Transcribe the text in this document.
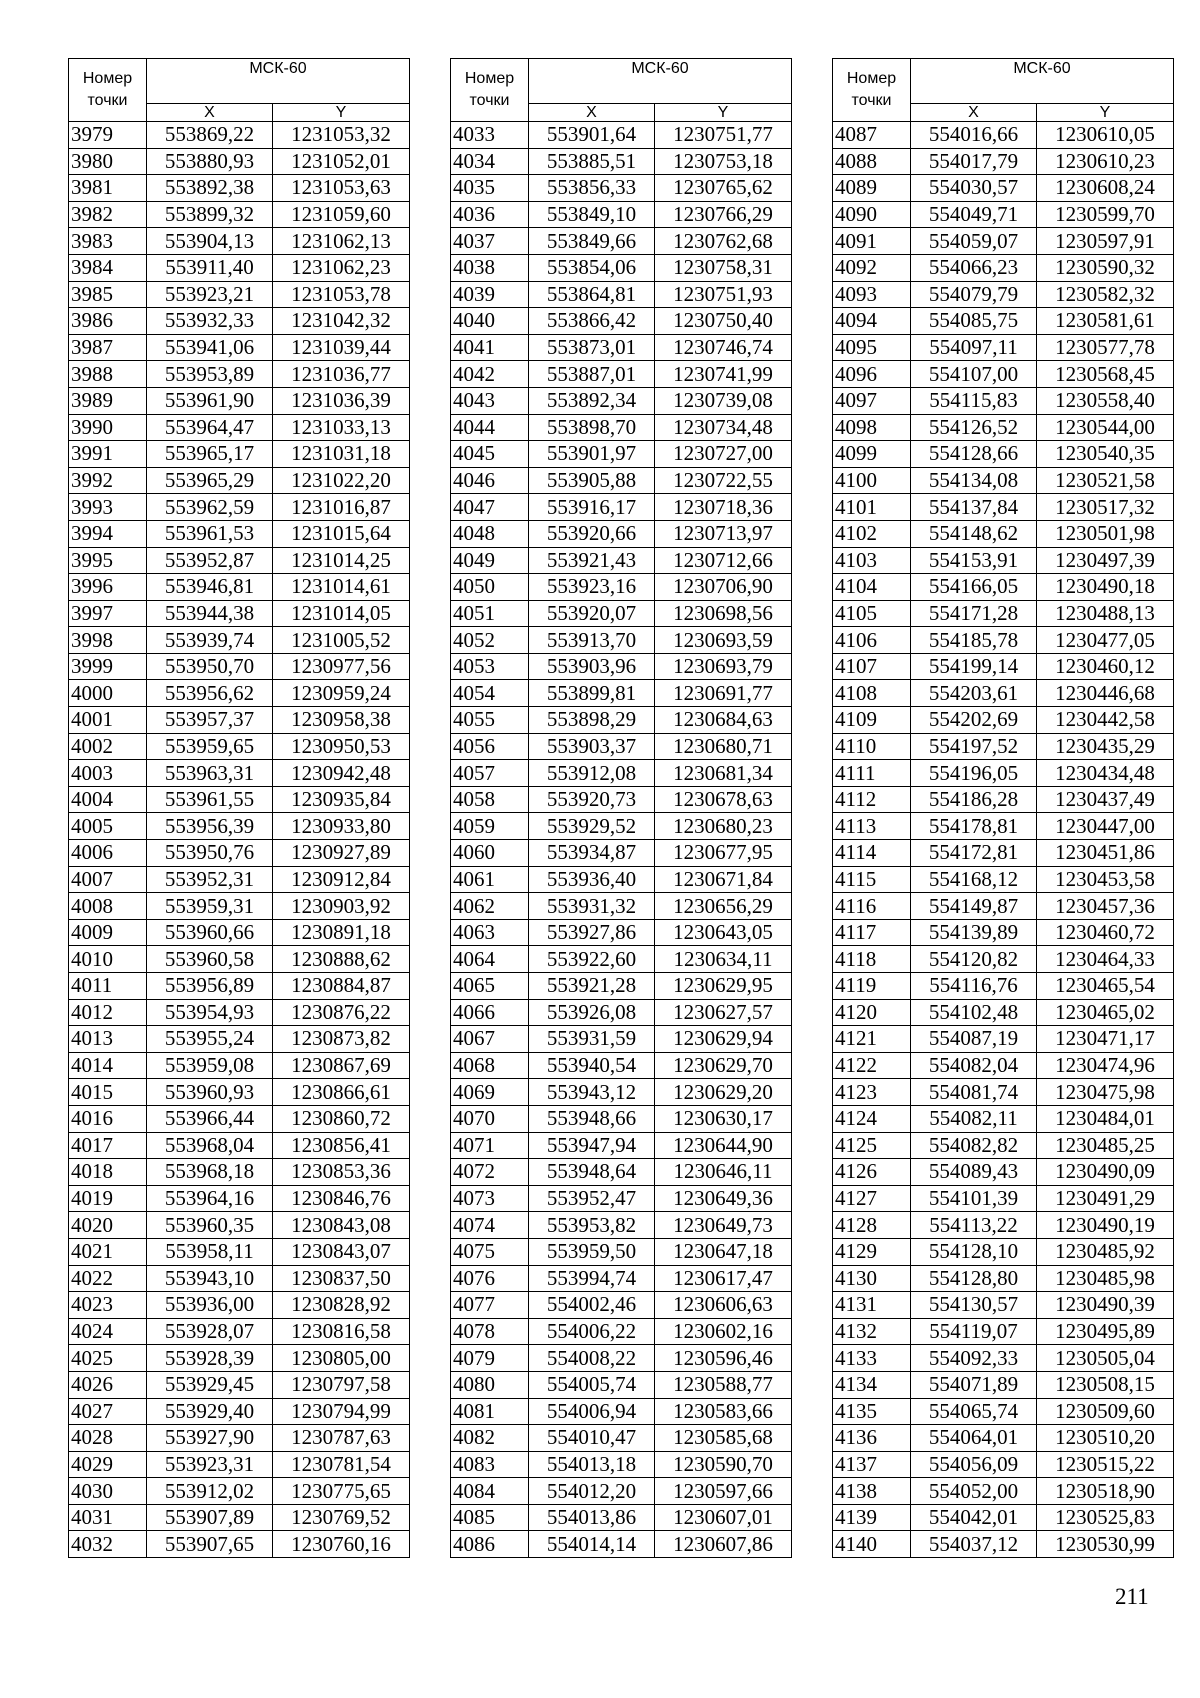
Номер
точки	МСК-60	
	X	Y
3979	553869,22	1231053,32
3980	553880,93	1231052,01
3981	553892,38	1231053,63
3982	553899,32	1231059,60
3983	553904,13	1231062,13
3984	553911,40	1231062,23
3985	553923,21	1231053,78
3986	553932,33	1231042,32
3987	553941,06	1231039,44
3988	553953,89	1231036,77
3989	553961,90	1231036,39
3990	553964,47	1231033,13
3991	553965,17	1231031,18
3992	553965,29	1231022,20
3993	553962,59	1231016,87
3994	553961,53	1231015,64
3995	553952,87	1231014,25
3996	553946,81	1231014,61
3997	553944,38	1231014,05
3998	553939,74	1231005,52
3999	553950,70	1230977,56
4000	553956,62	1230959,24
4001	553957,37	1230958,38
4002	553959,65	1230950,53
4003	553963,31	1230942,48
4004	553961,55	1230935,84
4005	553956,39	1230933,80
4006	553950,76	1230927,89
4007	553952,31	1230912,84
4008	553959,31	1230903,92
4009	553960,66	1230891,18
4010	553960,58	1230888,62
4011	553956,89	1230884,87
4012	553954,93	1230876,22
4013	553955,24	1230873,82
4014	553959,08	1230867,69
4015	553960,93	1230866,61
4016	553966,44	1230860,72
4017	553968,04	1230856,41
4018	553968,18	1230853,36
4019	553964,16	1230846,76
4020	553960,35	1230843,08
4021	553958,11	1230843,07
4022	553943,10	1230837,50
4023	553936,00	1230828,92
4024	553928,07	1230816,58
4025	553928,39	1230805,00
4026	553929,45	1230797,58
4027	553929,40	1230794,99
4028	553927,90	1230787,63
4029	553923,31	1230781,54
4030	553912,02	1230775,65
4031	553907,89	1230769,52
4032	553907,65	1230760,16
Номер
точки	МСК-60	
	X	Y
4033	553901,64	1230751,77
4034	553885,51	1230753,18
4035	553856,33	1230765,62
4036	553849,10	1230766,29
4037	553849,66	1230762,68
4038	553854,06	1230758,31
4039	553864,81	1230751,93
4040	553866,42	1230750,40
4041	553873,01	1230746,74
4042	553887,01	1230741,99
4043	553892,34	1230739,08
4044	553898,70	1230734,48
4045	553901,97	1230727,00
4046	553905,88	1230722,55
4047	553916,17	1230718,36
4048	553920,66	1230713,97
4049	553921,43	1230712,66
4050	553923,16	1230706,90
4051	553920,07	1230698,56
4052	553913,70	1230693,59
4053	553903,96	1230693,79
4054	553899,81	1230691,77
4055	553898,29	1230684,63
4056	553903,37	1230680,71
4057	553912,08	1230681,34
4058	553920,73	1230678,63
4059	553929,52	1230680,23
4060	553934,87	1230677,95
4061	553936,40	1230671,84
4062	553931,32	1230656,29
4063	553927,86	1230643,05
4064	553922,60	1230634,11
4065	553921,28	1230629,95
4066	553926,08	1230627,57
4067	553931,59	1230629,94
4068	553940,54	1230629,70
4069	553943,12	1230629,20
4070	553948,66	1230630,17
4071	553947,94	1230644,90
4072	553948,64	1230646,11
4073	553952,47	1230649,36
4074	553953,82	1230649,73
4075	553959,50	1230647,18
4076	553994,74	1230617,47
4077	554002,46	1230606,63
4078	554006,22	1230602,16
4079	554008,22	1230596,46
4080	554005,74	1230588,77
4081	554006,94	1230583,66
4082	554010,47	1230585,68
4083	554013,18	1230590,70
4084	554012,20	1230597,66
4085	554013,86	1230607,01
4086	554014,14	1230607,86
Номер
точки	МСК-60	
	X	Y
4087	554016,66	1230610,05
4088	554017,79	1230610,23
4089	554030,57	1230608,24
4090	554049,71	1230599,70
4091	554059,07	1230597,91
4092	554066,23	1230590,32
4093	554079,79	1230582,32
4094	554085,75	1230581,61
4095	554097,11	1230577,78
4096	554107,00	1230568,45
4097	554115,83	1230558,40
4098	554126,52	1230544,00
4099	554128,66	1230540,35
4100	554134,08	1230521,58
4101	554137,84	1230517,32
4102	554148,62	1230501,98
4103	554153,91	1230497,39
4104	554166,05	1230490,18
4105	554171,28	1230488,13
4106	554185,78	1230477,05
4107	554199,14	1230460,12
4108	554203,61	1230446,68
4109	554202,69	1230442,58
4110	554197,52	1230435,29
4111	554196,05	1230434,48
4112	554186,28	1230437,49
4113	554178,81	1230447,00
4114	554172,81	1230451,86
4115	554168,12	1230453,58
4116	554149,87	1230457,36
4117	554139,89	1230460,72
4118	554120,82	1230464,33
4119	554116,76	1230465,54
4120	554102,48	1230465,02
4121	554087,19	1230471,17
4122	554082,04	1230474,96
4123	554081,74	1230475,98
4124	554082,11	1230484,01
4125	554082,82	1230485,25
4126	554089,43	1230490,09
4127	554101,39	1230491,29
4128	554113,22	1230490,19
4129	554128,10	1230485,92
4130	554128,80	1230485,98
4131	554130,57	1230490,39
4132	554119,07	1230495,89
4133	554092,33	1230505,04
4134	554071,89	1230508,15
4135	554065,74	1230509,60
4136	554064,01	1230510,20
4137	554056,09	1230515,22
4138	554052,00	1230518,90
4139	554042,01	1230525,83
4140	554037,12	1230530,99
211
